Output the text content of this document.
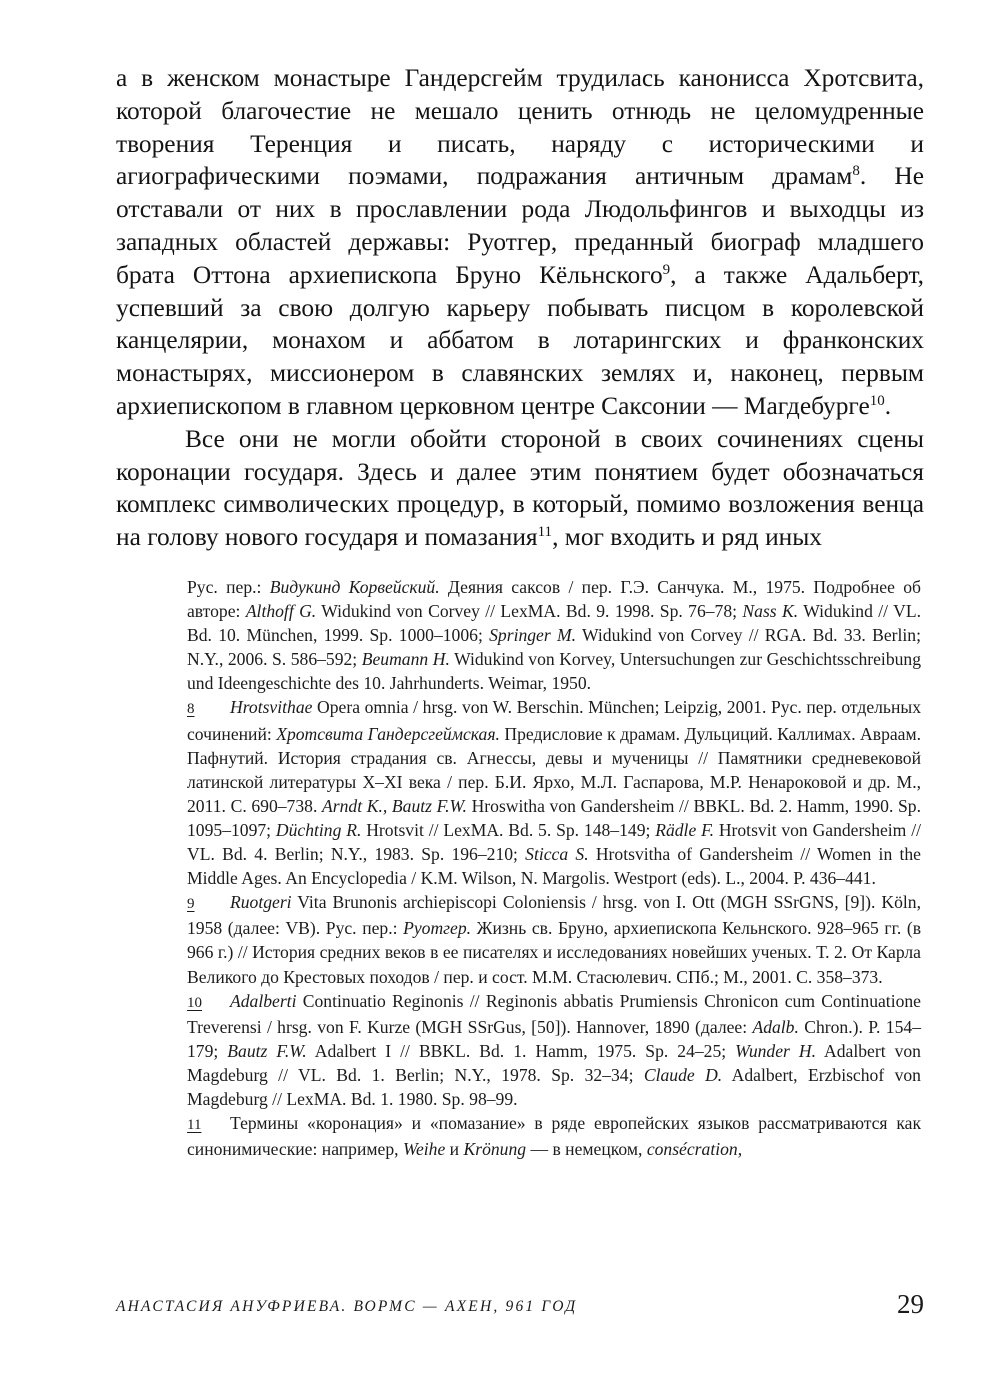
а в женском монастыре Гандерсгейм трудилась канонисса Хротсвита, которой благочестие не мешало ценить отнюдь не целомудренные творения Теренция и писать, наряду с историческими и агиографическими поэмами, подражания античным драмам$^8$. Не отставали от них в прославлении рода Людольфингов и выходцы из западных областей державы: Руотгер, преданный биограф младшего брата Оттона архиепископа Бруно Кёльнского$^9$, а также Адальберт, успевший за свою долгую карьеру побывать писцом в королевской канцелярии, монахом и аббатом в лотарингских и франконских монастырях, миссионером в славянских землях и, наконец, первым архиепископом в главном церковном центре Саксонии — Магдебурге$^{10}$.

Все они не могли обойти стороной в своих сочинениях сцены коронации государя. Здесь и далее этим понятием будет обозначаться комплекс символических процедур, в который, помимо возложения венца на голову нового государя и помазания$^{11}$, мог входить и ряд иных

Рус. пер.: Видукинд Корвейский. Деяния саксов / пер. Г.Э. Санчука. М., 1975. Подробнее об авторе: Althoff G. Widukind von Corvey // LexMA. Bd. 9. 1998. Sp. 76–78; Nass K. Widukind // VL. Bd. 10. München, 1999. Sp. 1000–1006; Springer M. Widukind von Corvey // RGA. Bd. 33. Berlin; N.Y., 2006. S. 586–592; Beumann H. Widukind von Korvey, Untersuchungen zur Geschichtsschreibung und Ideengeschichte des 10. Jahrhunderts. Weimar, 1950.

8 Hrotsvithae Opera omnia / hrsg. von W. Berschin. München; Leipzig, 2001. Рус. пер. отдельных сочинений: Хротсвита Гандерсгеймская. Предисловие к драмам. Дульциций. Каллимах. Авраам. Пафнутий. История страдания св. Агнессы, девы и мученицы // Памятники средневековой латинской литературы X–XI века / пер. Б.И. Ярхо, М.Л. Гаспарова, М.Р. Ненароковой и др. М., 2011. С. 690–738. Arndt K., Bautz F.W. Hroswitha von Gandersheim // BBKL. Bd. 2. Hamm, 1990. Sp. 1095–1097; Düchting R. Hrotsvit // LexMA. Bd. 5. Sp. 148–149; Rädle F. Hrotsvit von Gandersheim // VL. Bd. 4. Berlin; N.Y., 1983. Sp. 196–210; Sticca S. Hrotsvitha of Gandersheim // Women in the Middle Ages. An Encyclopedia / K.M. Wilson, N. Margolis. Westport (eds). L., 2004. P. 436–441.

9 Ruotgeri Vita Brunonis archiepiscopi Coloniensis / hrsg. von I. Ott (MGH SSrGNS, [9]). Köln, 1958 (далее: VB). Рус. пер.: Руотгер. Жизнь св. Бруно, архиепископа Кельнского. 928–965 гг. (в 966 г.) // История средних веков в ее писателях и исследованиях новейших ученых. Т. 2. От Карла Великого до Крестовых походов / пер. и сост. М.М. Стасюлевич. СПб.; М., 2001. С. 358–373.

10 Adalberti Continuatio Reginonis // Reginonis abbatis Prumiensis Chronicon cum Continuatione Treverensi / hrsg. von F. Kurze (MGH SSrGus, [50]). Hannover, 1890 (далее: Adalb. Chron.). P. 154–179; Bautz F.W. Adalbert I // BBKL. Bd. 1. Hamm, 1975. Sp. 24–25; Wunder H. Adalbert von Magdeburg // VL. Bd. 1. Berlin; N.Y., 1978. Sp. 32–34; Claude D. Adalbert, Erzbischof von Magdeburg // LexMA. Bd. 1. 1980. Sp. 98–99.

11 Термины «коронация» и «помазание» в ряде европейских языков рассматриваются как синонимические: например, Weihe и Krönung — в немецком, consécration,

АНАСТАСИЯ АНУФРИЕВА. ВОРМС — АХЕН, 961 ГОД	29
